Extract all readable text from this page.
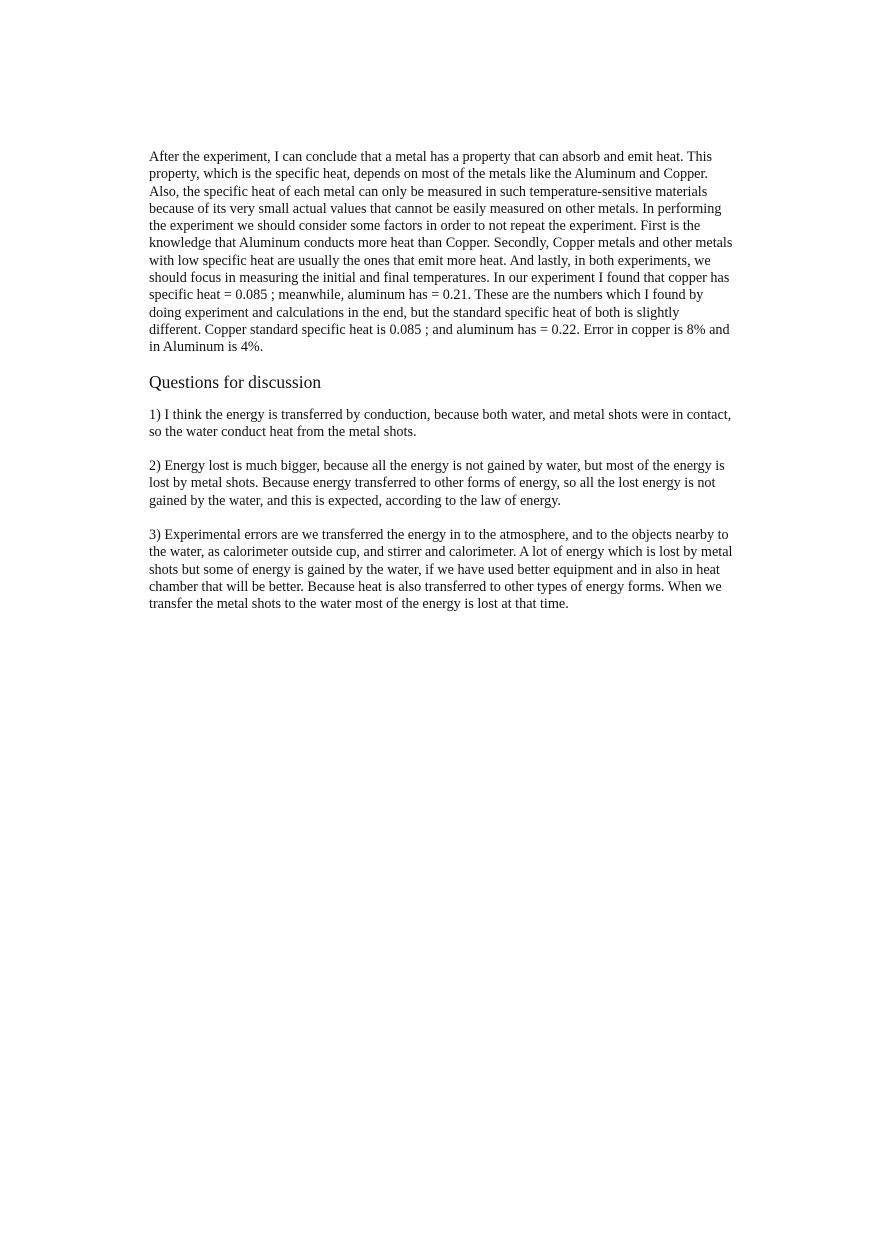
After the experiment, I can conclude that a metal has a property that can absorb and emit heat. This property, which is the specific heat, depends on most of the metals like the Aluminum and Copper. Also, the specific heat of each metal can only be measured in such temperature-sensitive materials because of its very small actual values that cannot be easily measured on other metals. In performing the experiment we should consider some factors in order to not repeat the experiment. First is the knowledge that Aluminum conducts more heat than Copper. Secondly, Copper metals and other metals with low specific heat are usually the ones that emit more heat. And lastly, in both experiments, we should focus in measuring the initial and final temperatures. In our experiment I found that copper has specific heat = 0.085 ; meanwhile, aluminum has = 0.21. These are the numbers which I found by doing experiment and calculations in the end, but the standard specific heat of both is slightly different. Copper standard specific heat is 0.085 ; and aluminum has = 0.22. Error in copper is 8% and in Aluminum is 4%.

Questions for discussion

1) I think the energy is transferred by conduction, because both water, and metal shots were in contact, so the water conduct heat from the metal shots.

2) Energy lost is much bigger, because all the energy is not gained by water, but most of the energy is lost by metal shots. Because energy transferred to other forms of energy, so all the lost energy is not gained by the water, and this is expected, according to the law of energy.

3) Experimental errors are we transferred the energy in to the atmosphere, and to the objects nearby to the water, as calorimeter outside cup, and stirrer and calorimeter. A lot of energy which is lost by metal shots but some of energy is gained by the water, if we have used better equipment and in also in heat chamber that will be better. Because heat is also transferred to other types of energy forms. When we transfer the metal shots to the water most of the energy is lost at that time.
